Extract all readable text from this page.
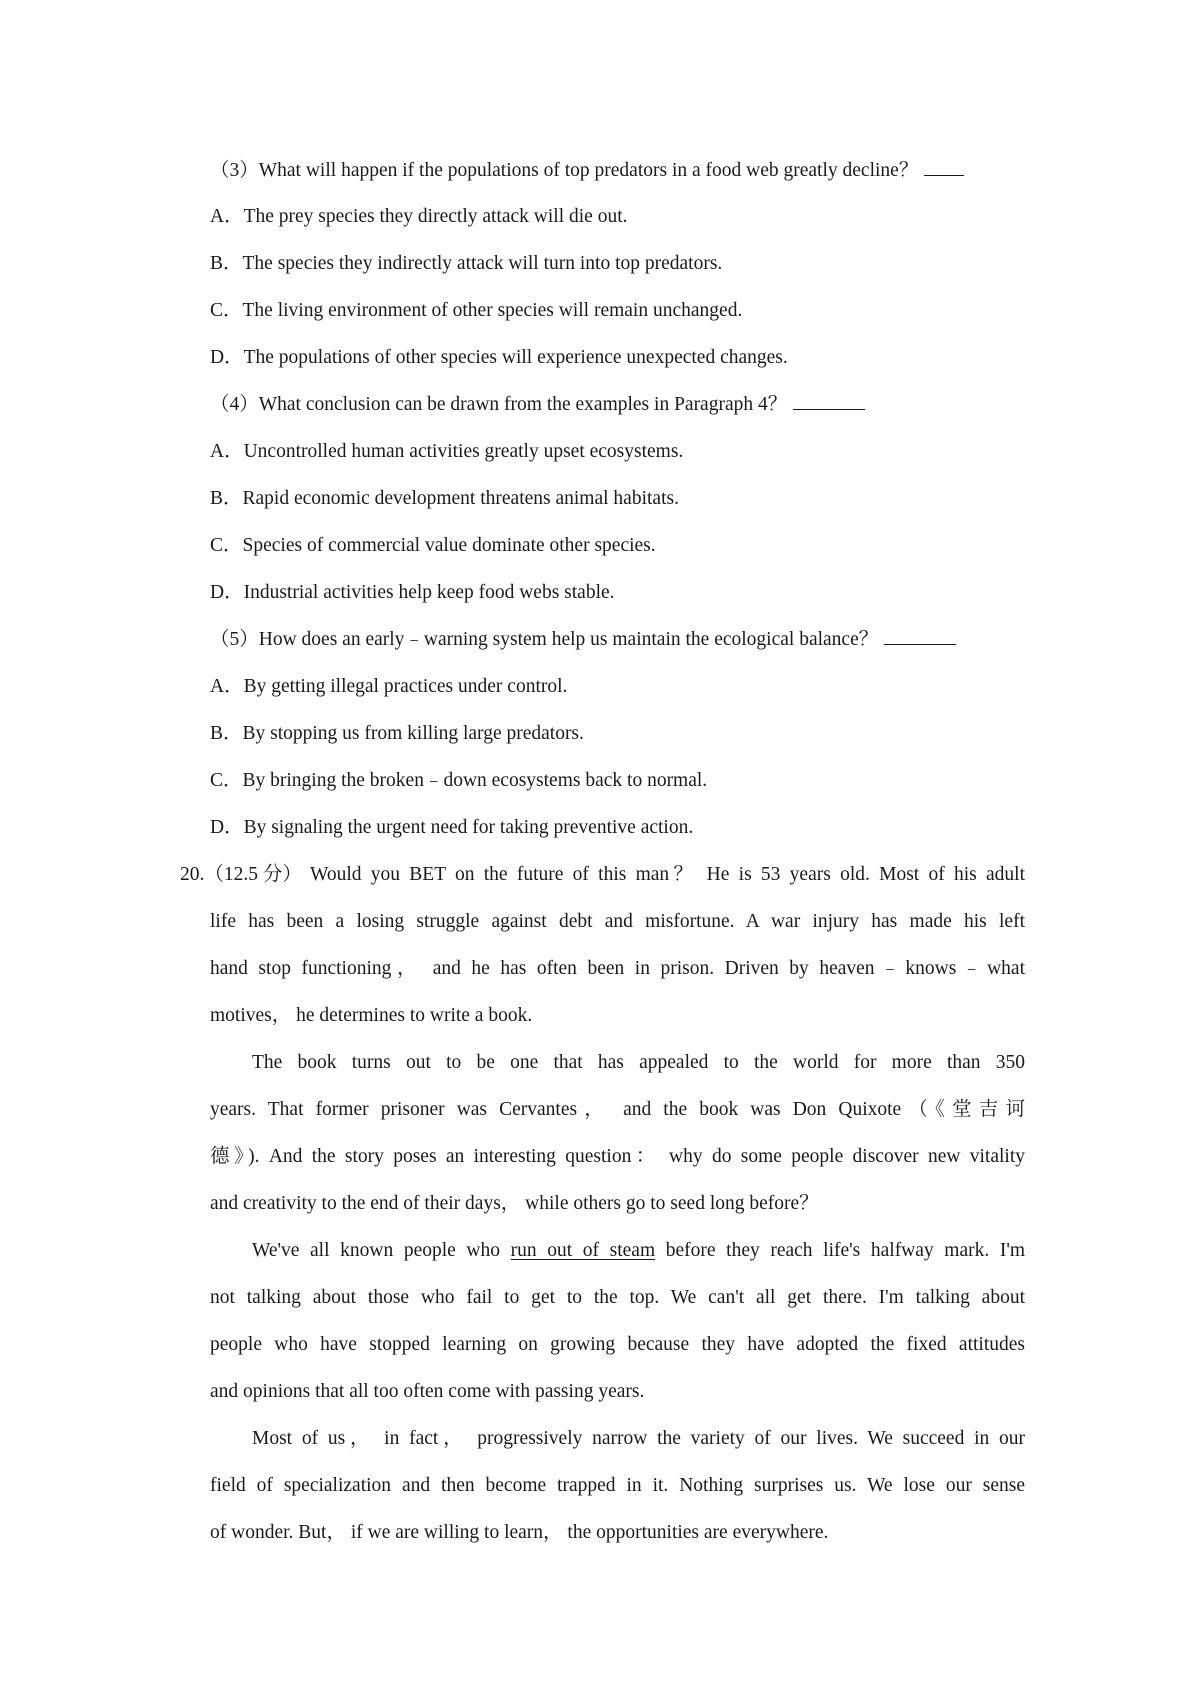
（3）What will happen if the populations of top predators in a food web greatly decline？
A．The prey species they directly attack will die out.
B．The species they indirectly attack will turn into top predators.
C．The living environment of other species will remain unchanged.
D．The populations of other species will experience unexpected changes.
（4）What conclusion can be drawn from the examples in Paragraph 4？
A．Uncontrolled human activities greatly upset ecosystems.
B．Rapid economic development threatens animal habitats.
C．Species of commercial value dominate other species.
D．Industrial activities help keep food webs stable.
（5）How does an early﹣warning system help us maintain the ecological balance？
A．By getting illegal practices under control.
B．By stopping us from killing large predators.
C．By bringing the broken﹣down ecosystems back to normal.
D．By signaling the urgent need for taking preventive action.
20.（12.5 分） Would you BET on the future of this man？ He is 53 years old. Most of his adult
life has been a losing struggle against debt and misfortune. A war injury has made his left
hand stop functioning， and he has often been in prison. Driven by heaven﹣knows﹣what
motives， he determines to write a book.
The book turns out to be one that has appealed to the world for more than 350
years. That former prisoner was Cervantes， and the book was Don Quixote（《堂吉诃
德》). And the story poses an interesting question： why do some people discover new vitality
and creativity to the end of their days， while others go to seed long before？
We've all known people who run out of steam before they reach life's halfway mark. I'm
not talking about those who fail to get to the top. We can't all get there. I'm talking about
people who have stopped learning on growing because they have adopted the fixed attitudes
and opinions that all too often come with passing years.
Most of us， in fact， progressively narrow the variety of our lives. We succeed in our
field of specialization and then become trapped in it. Nothing surprises us. We lose our sense
of wonder. But， if we are willing to learn， the opportunities are everywhere.
